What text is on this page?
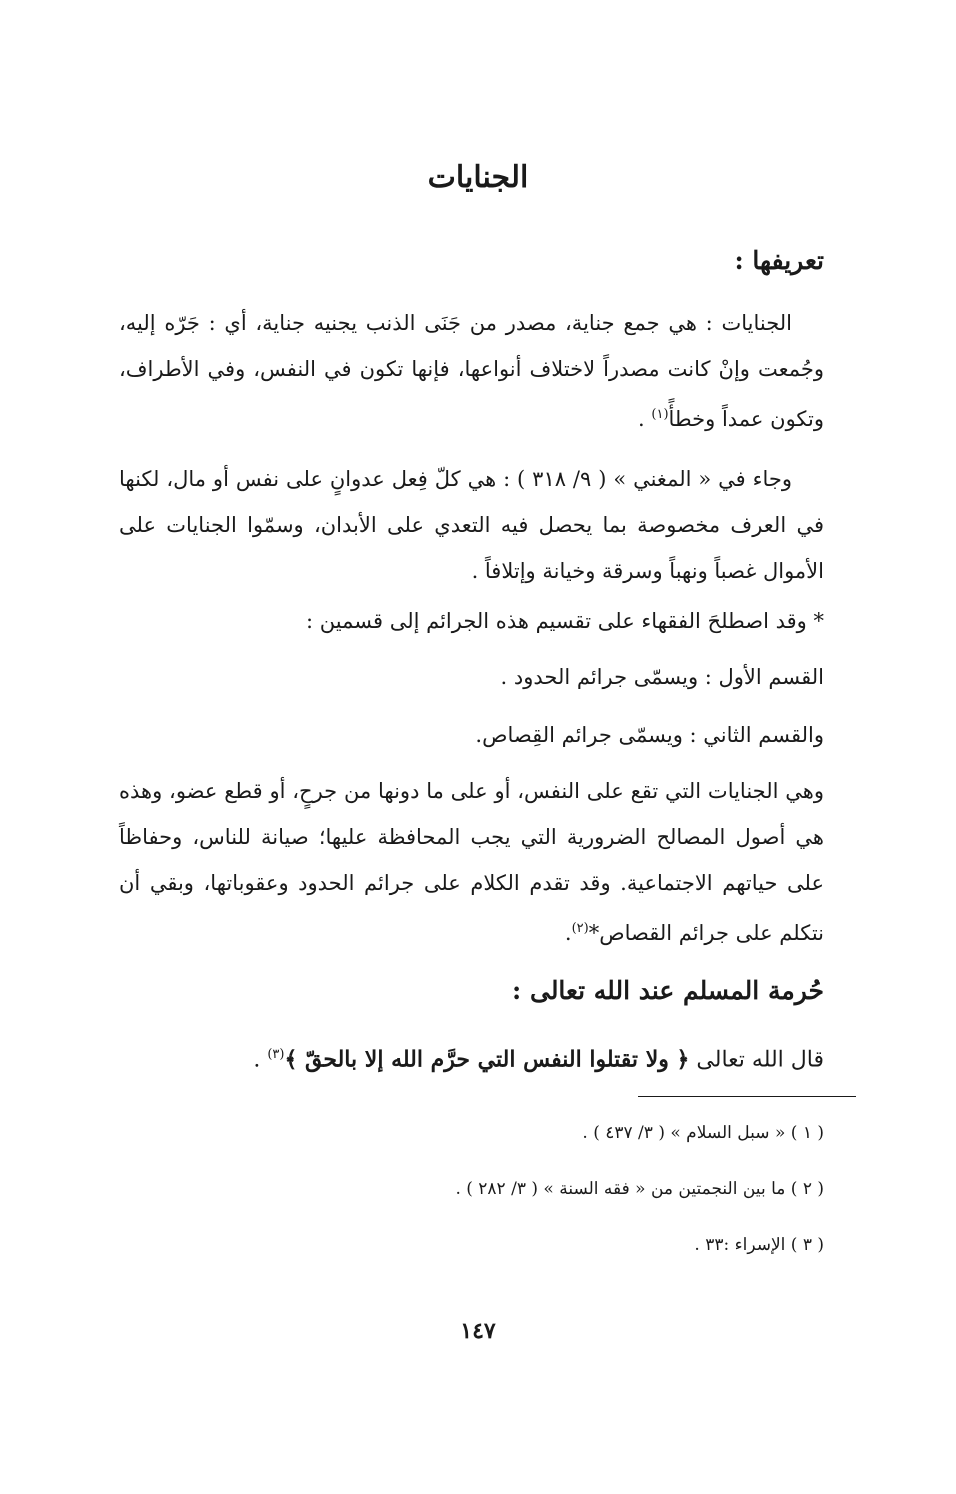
الجنايات
تعريفها :

الجنايات : هي جمع جناية، مصدر من جَنَى الذنب يجنيه جناية، أي : جَرّه إليه، وجُمعت وإنْ كانت مصدراً لاختلاف أنواعها، فإنها تكون في النفس، وفي الأطراف، وتكون عمداً وخطأً$^{(١)}$ .

وجاء في « المغني » ( ٩/ ٣١٨ ) : هي كلّ فِعل عدوانٍ على نفس أو مال، لكنها في العرف مخصوصة بما يحصل فيه التعدي على الأبدان، وسمّوا الجنايات على الأموال غصباً ونهباً وسرقة وخيانة وإتلافاً .

* وقد اصطلحَ الفقهاء على تقسيم هذه الجرائم إلى قسمين :

القسم الأول : ويسمّى جرائم الحدود .

والقسم الثاني : ويسمّى جرائم القِصاص.

وهي الجنايات التي تقع على النفس، أو على ما دونها من جرحٍ، أو قطع عضو، وهذه هي أصول المصالح الضرورية التي يجب المحافظة عليها؛ صيانة للناس، وحفاظاً على حياتهم الاجتماعية. وقد تقدم الكلام على جرائم الحدود وعقوباتها، وبقي أن نتكلم على جرائم القصاص*$^{(٢)}$.

حُرمة المسلم عند الله تعالى :

قال الله تعالى ﴿ ولا تقتلوا النفس التي حرَّم الله إلا بالحقّ ﴾$^{(٣)}$ .

( ١ ) « سبل السلام » ( ٣/ ٤٣٧ ) .

( ٢ ) ما بين النجمتين من « فقه السنة » ( ٣/ ٢٨٢ ) .

( ٣ ) الإسراء :٣٣ .

١٤٧
